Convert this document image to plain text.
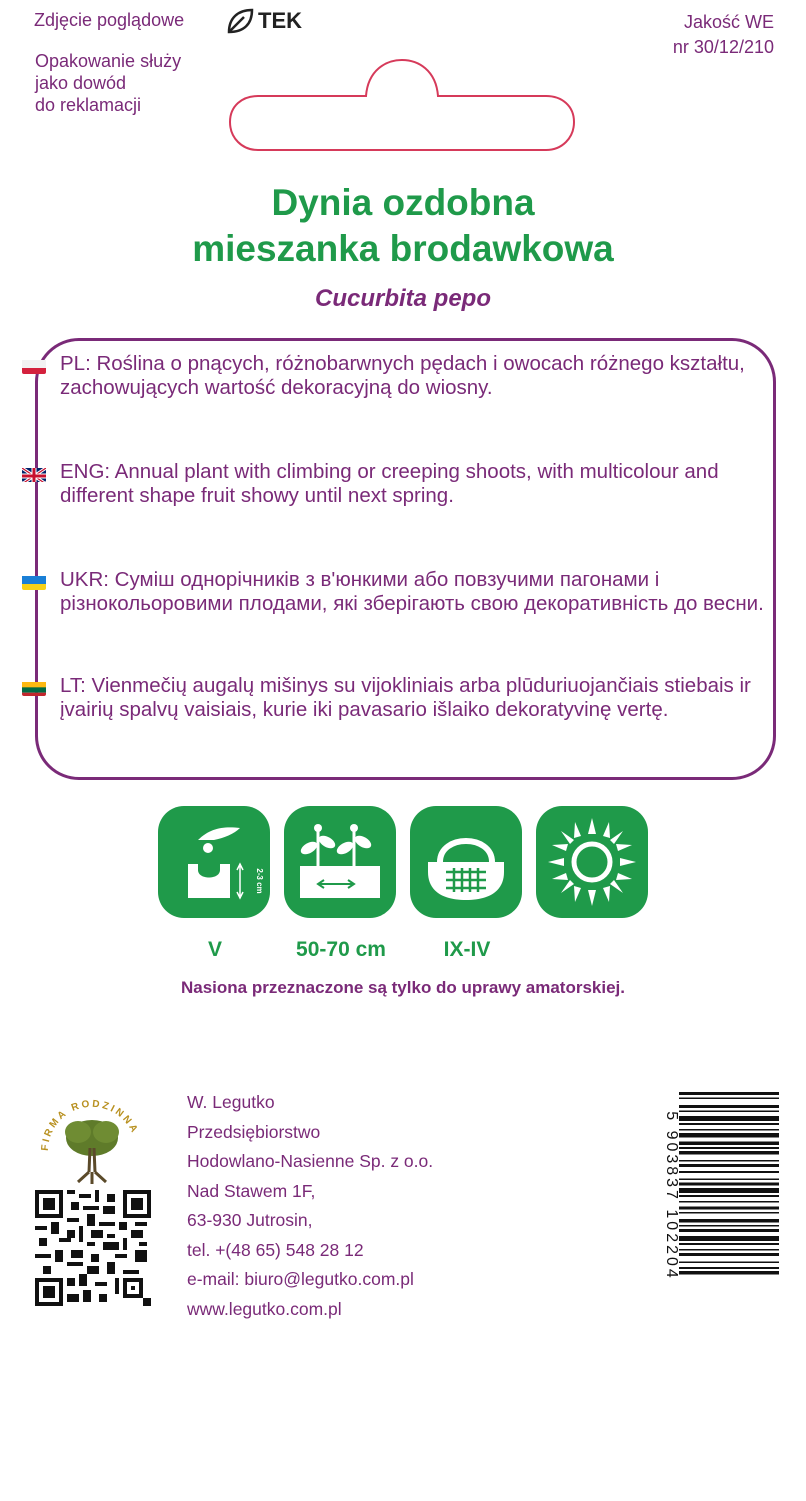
Zdjęcie poglądowe	TEK
Opakowanie służy
jako dowód
do reklamacji
Jakość WE
nr 30/12/210
Dynia ozdobna
mieszanka brodawkowa
Cucurbita pepo
PL: Roślina o pnących, różnobarwnych pędach i owocach różnego kształtu, zachowujących wartość dekoracyjną do wiosny.
ENG: Annual plant with climbing or creeping shoots, with multicolour and different shape fruit showy until next spring.
UKR: Суміш однорічників з в'юнкими або повзучими пагонами і різнокольоровими плодами, які зберігають свою декоративність до весни.
LT: Vienmečių augalų mišinys su vijokliniais arba plūduriuojančiais stiebais ir įvairių spalvų vaisiais, kurie iki pavasario išlaiko dekoratyvinę vertę.
2-3 cm
V	50-70 cm	IX-IV
Nasiona przeznaczone są tylko do uprawy amatorskiej.
FIRMA RODZINNA
W. Legutko
Przedsiębiorstwo
Hodowlano-Nasienne Sp. z o.o.
Nad Stawem 1F,
63-930 Jutrosin,
tel. +(48 65) 548 28 12
e-mail: biuro@legutko.com.pl
www.legutko.com.pl
5 903837 102204
